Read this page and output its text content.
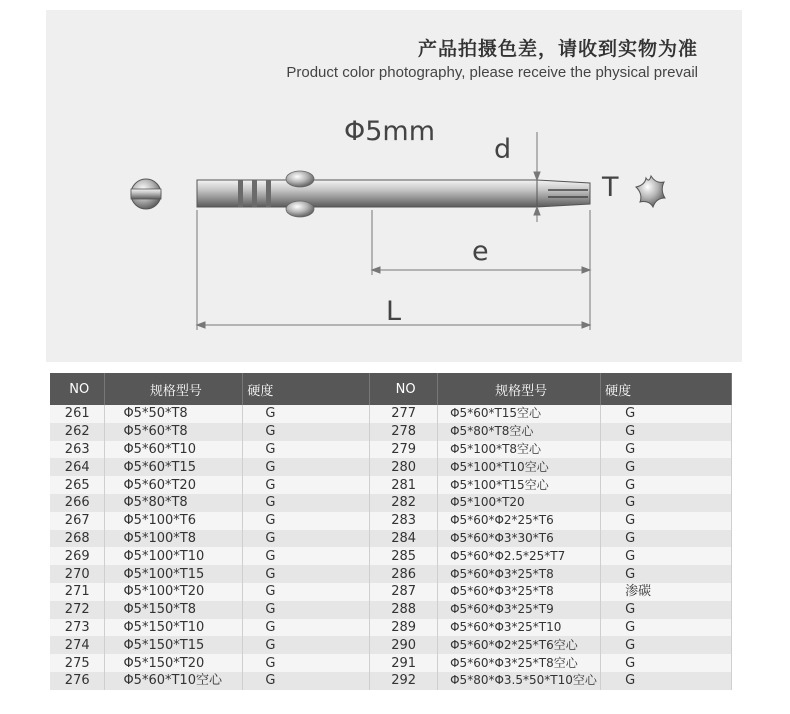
产品拍摄色差，请收到实物为准
Product color photography, please receive the physical prevail
Φ5mm
d
T
e
L
NO	规格型号	硬度	NO	规格型号	硬度
261	Φ5*50*T8	G	277	Φ5*60*T15空心	G
262	Φ5*60*T8	G	278	Φ5*80*T8空心	G
263	Φ5*60*T10	G	279	Φ5*100*T8空心	G
264	Φ5*60*T15	G	280	Φ5*100*T10空心	G
265	Φ5*60*T20	G	281	Φ5*100*T15空心	G
266	Φ5*80*T8	G	282	Φ5*100*T20	G
267	Φ5*100*T6	G	283	Φ5*60*Φ2*25*T6	G
268	Φ5*100*T8	G	284	Φ5*60*Φ3*30*T6	G
269	Φ5*100*T10	G	285	Φ5*60*Φ2.5*25*T7	G
270	Φ5*100*T15	G	286	Φ5*60*Φ3*25*T8	G
271	Φ5*100*T20	G	287	Φ5*60*Φ3*25*T8	渗碳
272	Φ5*150*T8	G	288	Φ5*60*Φ3*25*T9	G
273	Φ5*150*T10	G	289	Φ5*60*Φ3*25*T10	G
274	Φ5*150*T15	G	290	Φ5*60*Φ2*25*T6空心	G
275	Φ5*150*T20	G	291	Φ5*60*Φ3*25*T8空心	G
276	Φ5*60*T10空心	G	292	Φ5*80*Φ3.5*50*T10空心	G
